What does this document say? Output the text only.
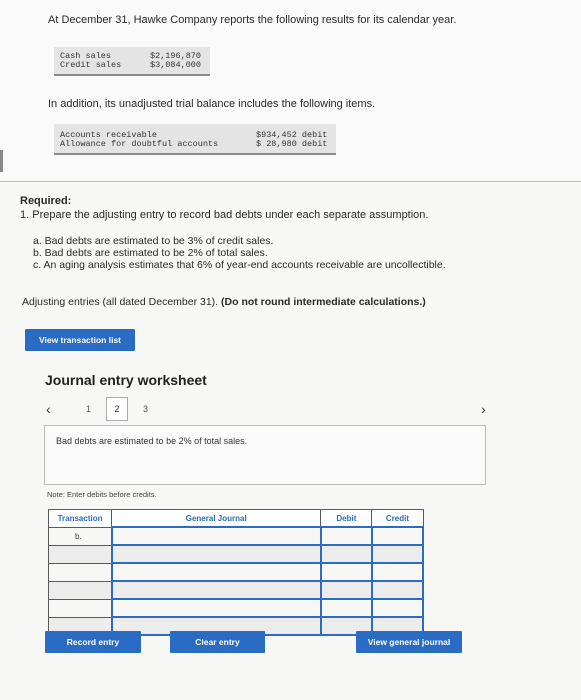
At December 31, Hawke Company reports the following results for its calendar year.

Cash sales	$2,196,870
Credit sales	$3,084,000

In addition, its unadjusted trial balance includes the following items.

Accounts receivable	$934,452 debit
Allowance for doubtful accounts	$ 28,980 debit

Required:

1. Prepare the adjusting entry to record bad debts under each separate assumption.

a. Bad debts are estimated to be 3% of credit sales.

b. Bad debts are estimated to be 2% of total sales.

c. An aging analysis estimates that 6% of year-end accounts receivable are uncollectible.

Adjusting entries (all dated December 31). (Do not round intermediate calculations.)

View transaction list

Journal entry worksheet

‹	1	2	3	›
Bad debts are estimated to be 2% of total sales.

Note: Enter debits before credits.

Transaction	General Journal	Debit	Credit
b.			

Record entry	Clear entry	View general journal
